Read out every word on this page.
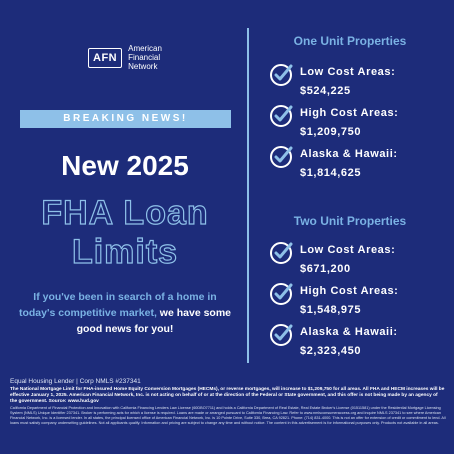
AFN
American
Financial
Network
BREAKING NEWS!
New 2025
FHA Loan
Limits
If you've been in search of a home in today's competitive market, we have some good news for you!
One Unit Properties
Low Cost Areas:
$524,225
High Cost Areas:
$1,209,750
Alaska & Hawaii:
$1,814,625
Two Unit Properties
Low Cost Areas:
$671,200
High Cost Areas:
$1,548,975
Alaska & Hawaii:
$2,323,450
Equal Housing Lender | Corp NMLS #237341
The National Mortgage Limit for FHA-insured Home Equity Conversion Mortgages (HECMs), or reverse mortgages, will increase to $1,209,750 for all areas. All FHA and HECM increases will be effective January 1, 2025. American Financial Network, Inc. is not acting on behalf of or at the direction of the Federal or State government, and this offer is not being made by an agency of the government. Source: www.hud.gov
California Department of Financial Protection and Innovation with California Financing Lenders Law License (60DBO7711) and holds a California Department of Real Estate, Real Estate Broker's License (01511581) under the Residential Mortgage Licensing System (NMLS) Unique Identifier 237341. Broker is performing acts for which a license is required. Loans are made or arranged pursuant to California Financing Law. Refer to www.nmlsconsumeraccess.org and inquire NMLS 237341 to see where American Financial Network, Inc. is a licensed lender. In all states, the principal licensed office of American Financial Network, Inc. is 10 Pointe Drive, Suite 330, Brea, CA 92821. Phone: (714) 831-4000. This is not an offer for extension of credit or commitment to lend. All loans must satisfy company underwriting guidelines. Not all applicants qualify. Information and pricing are subject to change any time and without notice. The content in this advertisement is for informational purposes only. Products not available in all areas.
